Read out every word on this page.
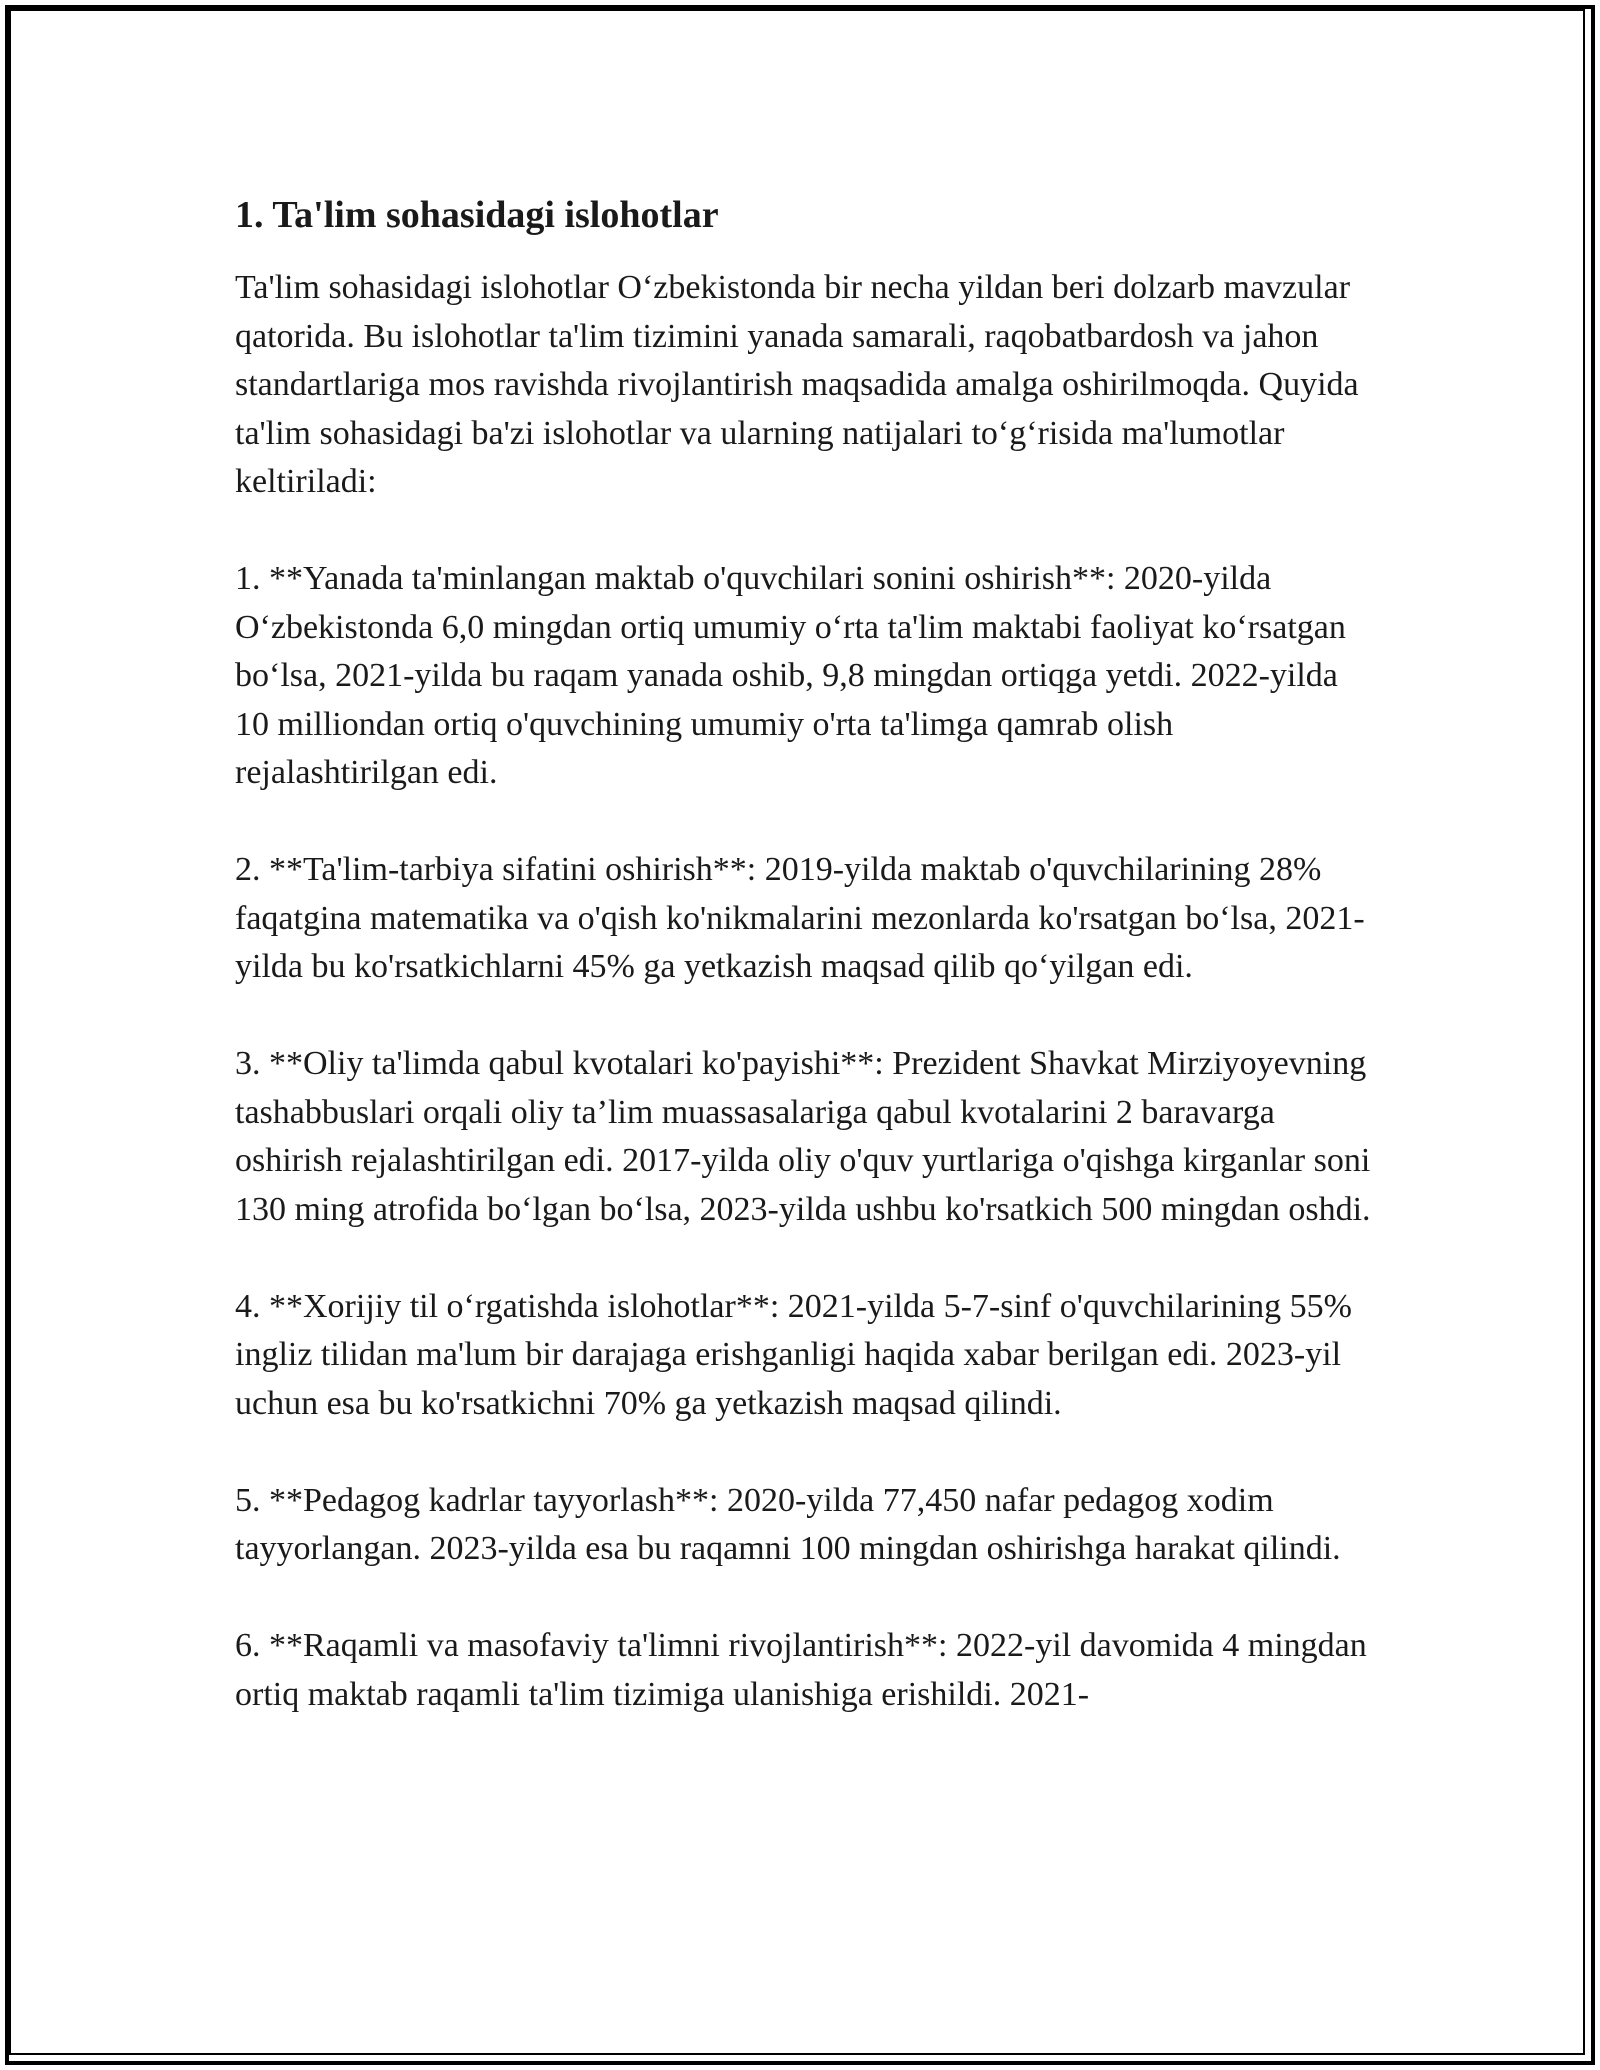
1. Ta'lim sohasidagi islohotlar

Ta'lim sohasidagi islohotlar O‘zbekistonda bir necha yildan beri dolzarb mavzular qatorida. Bu islohotlar ta'lim tizimini yanada samarali, raqobatbardosh va jahon standartlariga mos ravishda rivojlantirish maqsadida amalga oshirilmoqda. Quyida ta'lim sohasidagi ba'zi islohotlar va ularning natijalari to‘g‘risida ma'lumotlar keltiriladi:

1. **Yanada ta'minlangan maktab o'quvchilari sonini oshirish**: 2020-yilda O‘zbekistonda 6,0 mingdan ortiq umumiy o‘rta ta'lim maktabi faoliyat ko‘rsatgan bo‘lsa, 2021-yilda bu raqam yanada oshib, 9,8 mingdan ortiqga yetdi. 2022-yilda 10 milliondan ortiq o'quvchining umumiy o'rta ta'limga qamrab olish rejalashtirilgan edi.

2. **Ta'lim-tarbiya sifatini oshirish**: 2019-yilda maktab o'quvchilarining 28% faqatgina matematika va o'qish ko'nikmalarini mezonlarda ko'rsatgan bo‘lsa, 2021-yilda bu ko'rsatkichlarni 45% ga yetkazish maqsad qilib qo‘yilgan edi.

3. **Oliy ta'limda qabul kvotalari ko'payishi**: Prezident Shavkat Mirziyoyevning tashabbuslari orqali oliy ta’lim muassasalariga qabul kvotalarini 2 baravarga oshirish rejalashtirilgan edi. 2017-yilda oliy o'quv yurtlariga o'qishga kirganlar soni 130 ming atrofida bo‘lgan bo‘lsa, 2023-yilda ushbu ko'rsatkich 500 mingdan oshdi.

4. **Xorijiy til o‘rgatishda islohotlar**: 2021-yilda 5-7-sinf o'quvchilarining 55% ingliz tilidan ma'lum bir darajaga erishganligi haqida xabar berilgan edi. 2023-yil uchun esa bu ko'rsatkichni 70% ga yetkazish maqsad qilindi.

5. **Pedagog kadrlar tayyorlash**: 2020-yilda 77,450 nafar pedagog xodim tayyorlangan. 2023-yilda esa bu raqamni 100 mingdan oshirishga harakat qilindi.

6. **Raqamli va masofaviy ta'limni rivojlantirish**: 2022-yil davomida 4 mingdan ortiq maktab raqamli ta'lim tizimiga ulanishiga erishildi. 2021-
